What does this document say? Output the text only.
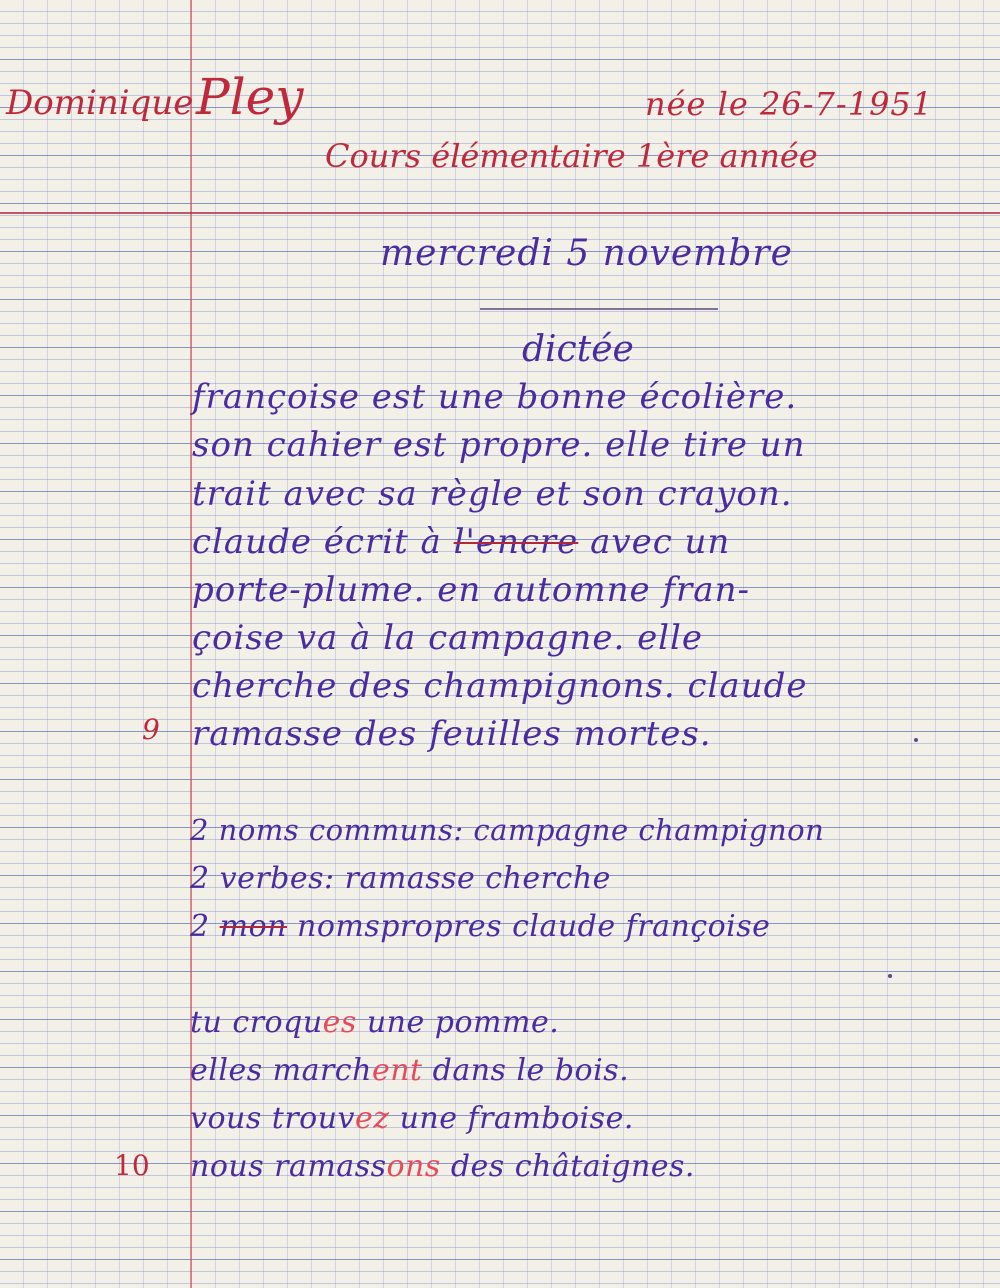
Dominique Pley	née le 26-7-1951
Cours élémentaire 1ère année
mercredi 5 novembre
dictée
françoise est une bonne écolière.
son cahier est propre. elle tire un
trait avec sa règle et son crayon.
claude écrit à l'encre avec un
porte-plume. en automne fran-
çoise va à la campagne. elle
cherche des champignons. claude
ramasse des feuilles mortes.
9
2 noms communs: campagne champignon
2 verbes: ramasse cherche
2 mon nomspropres claude françoise
tu croques une pomme.
elles marchent dans le bois.
vous trouvez une framboise.
nous ramassons des châtaignes.
10
